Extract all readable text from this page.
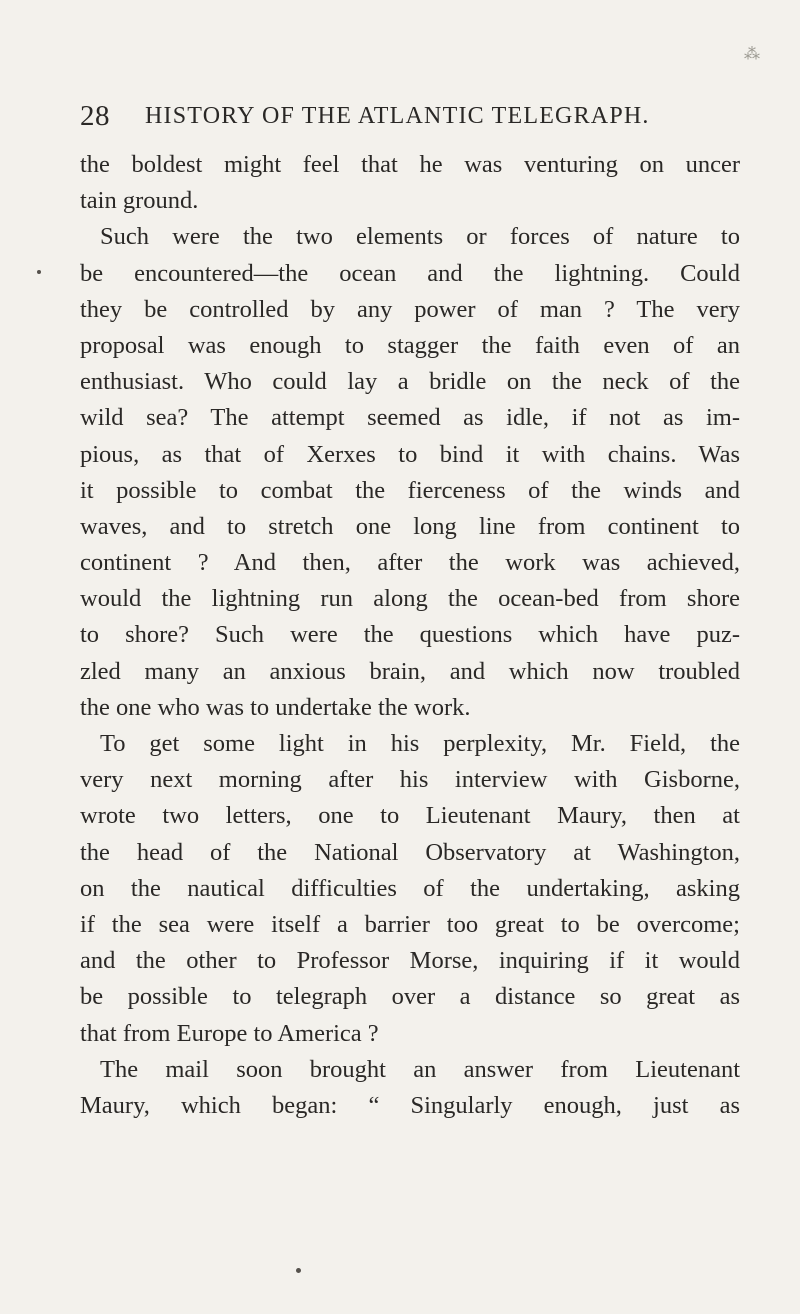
⁂
28 HISTORY OF THE ATLANTIC TELEGRAPH.
the boldest might feel that he was venturing on uncer
tain ground.
Such were the two elements or forces of nature to
be encountered—the ocean and the lightning. Could
they be controlled by any power of man ? The very
proposal was enough to stagger the faith even of an
enthusiast. Who could lay a bridle on the neck of the
wild sea? The attempt seemed as idle, if not as im-
pious, as that of Xerxes to bind it with chains. Was
it possible to combat the fierceness of the winds and
waves, and to stretch one long line from continent to
continent ? And then, after the work was achieved,
would the lightning run along the ocean-bed from shore
to shore? Such were the questions which have puz-
zled many an anxious brain, and which now troubled
the one who was to undertake the work.
To get some light in his perplexity, Mr. Field, the
very next morning after his interview with Gisborne,
wrote two letters, one to Lieutenant Maury, then at
the head of the National Observatory at Washington,
on the nautical difficulties of the undertaking, asking
if the sea were itself a barrier too great to be overcome;
and the other to Professor Morse, inquiring if it would
be possible to telegraph over a distance so great as
that from Europe to America ?
The mail soon brought an answer from Lieutenant
Maury, which began: “ Singularly enough, just as
